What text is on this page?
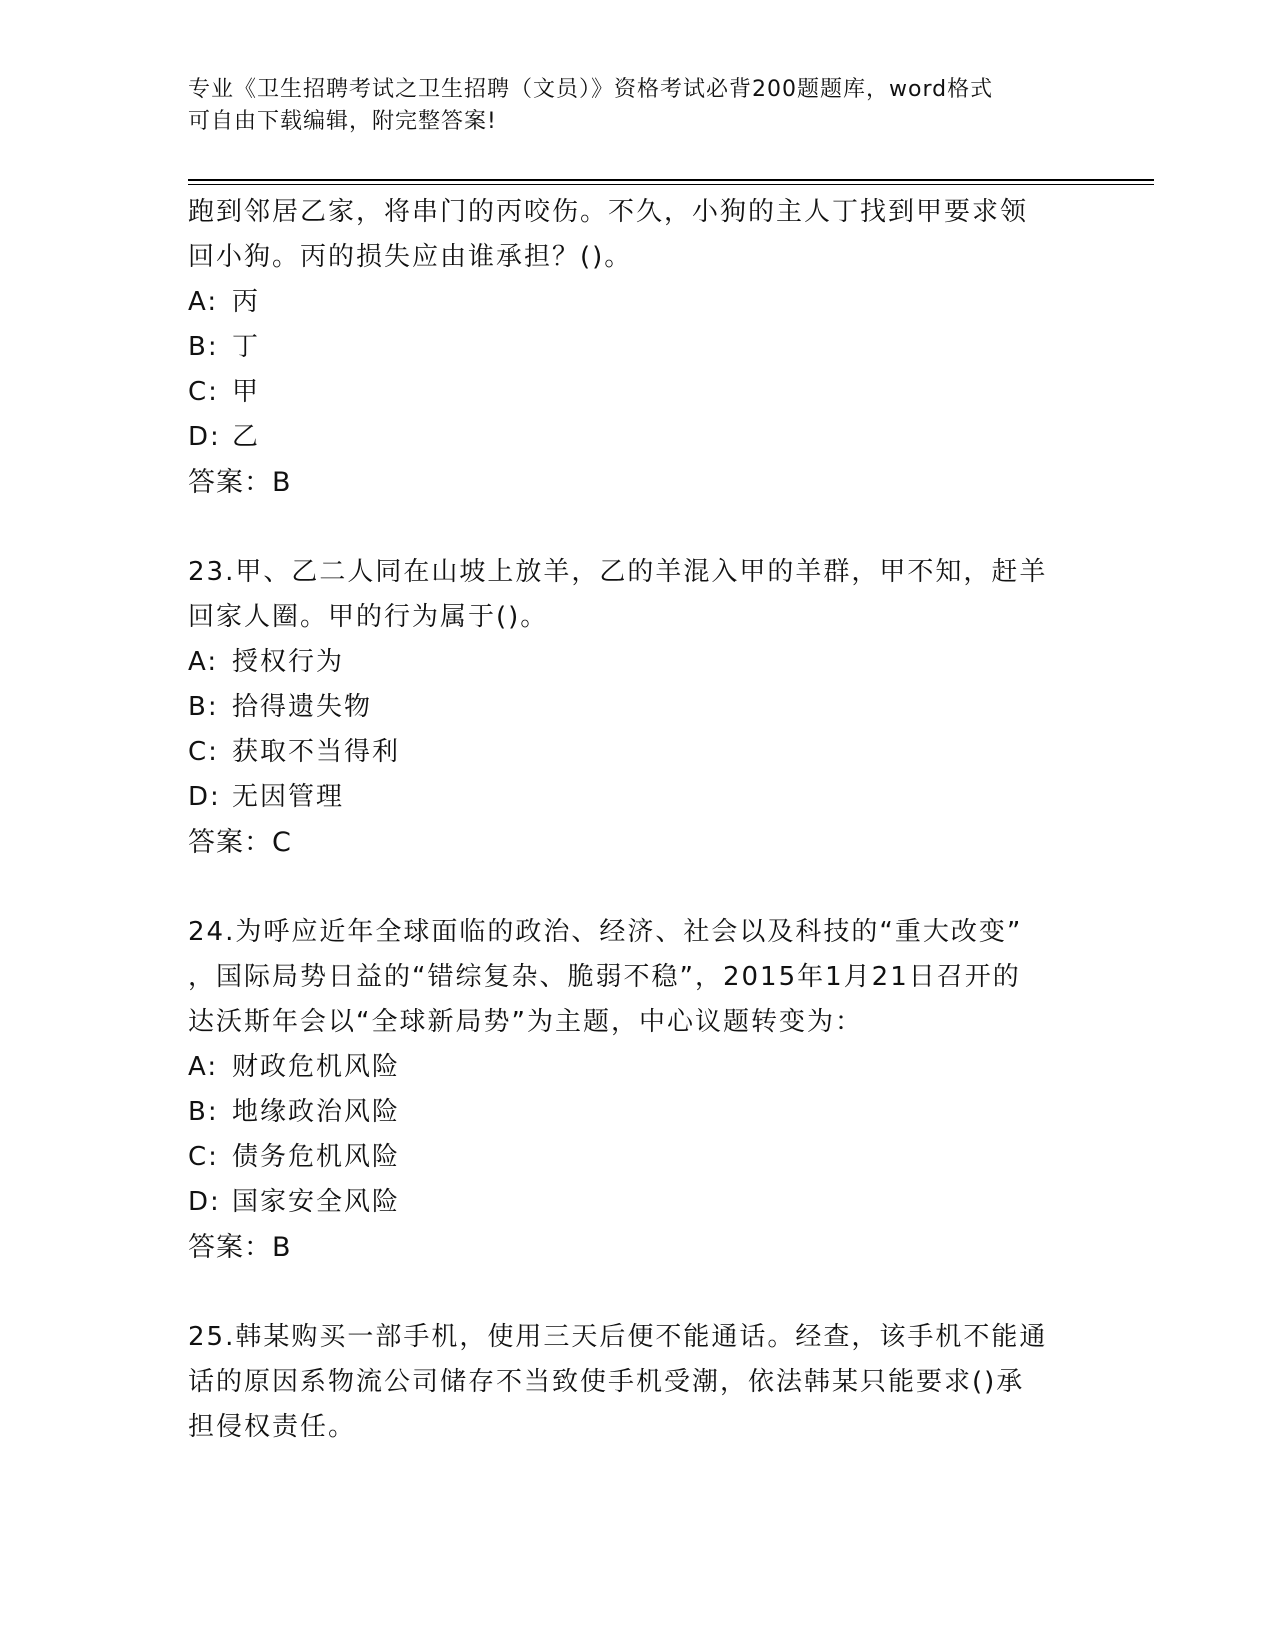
专业《卫生招聘考试之卫生招聘（文员）》资格考试必背200题题库，word格式
可自由下载编辑，附完整答案!
跑到邻居乙家，将串门的丙咬伤。不久，小狗的主人丁找到甲要求领
回小狗。丙的损失应由谁承担？()。
A: 丙
B: 丁
C: 甲
D: 乙
答案：B
23.甲、乙二人同在山坡上放羊，乙的羊混入甲的羊群，甲不知，赶羊
回家人圈。甲的行为属于()。
A: 授权行为
B: 拾得遗失物
C: 获取不当得利
D: 无因管理
答案：C
24.为呼应近年全球面临的政治、经济、社会以及科技的“重大改变”
，国际局势日益的“错综复杂、脆弱不稳”，2015年1月21日召开的
达沃斯年会以“全球新局势”为主题，中心议题转变为：
A: 财政危机风险
B: 地缘政治风险
C: 债务危机风险
D: 国家安全风险
答案：B
25.韩某购买一部手机，使用三天后便不能通话。经查，该手机不能通
话的原因系物流公司储存不当致使手机受潮，依法韩某只能要求()承
担侵权责任。
